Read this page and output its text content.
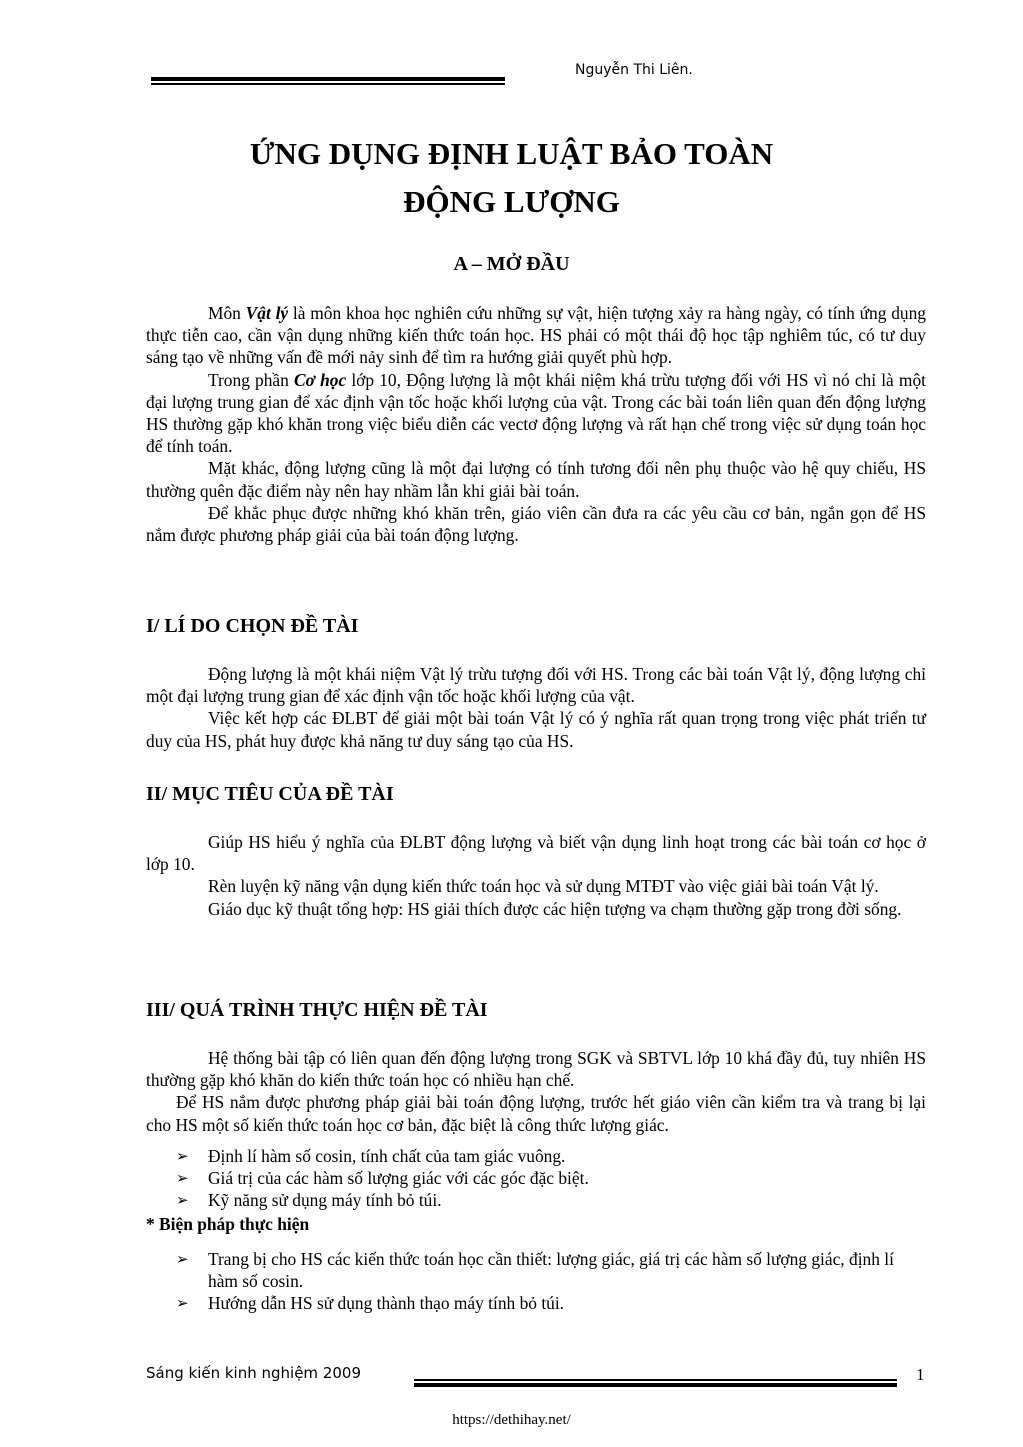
Nguyễn Thi Liên.
ỨNG DỤNG ĐỊNH LUẬT BẢO TOÀN
ĐỘNG LƯỢNG
A – MỞ ĐẦU

Môn Vật lý là môn khoa học nghiên cứu những sự vật, hiện tượng xảy ra hàng ngày, có tính ứng dụng thực tiễn cao, cần vận dụng những kiến thức toán học. HS phải có một thái độ học tập nghiêm túc, có tư duy sáng tạo về những vấn đề mới nảy sinh để tìm ra hướng giải quyết phù hợp.

Trong phần Cơ học lớp 10, Động lượng là một khái niệm khá trừu tượng đối với HS vì nó chỉ là một đại lượng trung gian để xác định vận tốc hoặc khối lượng của vật. Trong các bài toán liên quan đến động lượng HS thường gặp khó khăn trong việc biểu diễn các vectơ động lượng và rất hạn chế trong việc sử dụng toán học để tính toán.

Mặt khác, động lượng cũng là một đại lượng có tính tương đối nên phụ thuộc vào hệ quy chiếu, HS thường quên đặc điểm này nên hay nhầm lẫn khi giải bài toán.

Để khắc phục được những khó khăn trên, giáo viên cần đưa ra các yêu cầu cơ bản, ngắn gọn để HS nắm được phương pháp giải của bài toán động lượng.

I/ LÍ DO CHỌN ĐỀ TÀI

Động lượng là một khái niệm Vật lý trừu tượng đối với HS. Trong các bài toán Vật lý, động lượng chỉ một đại lượng trung gian để xác định vận tốc hoặc khối lượng của vật.

Việc kết hợp các ĐLBT để giải một bài toán Vật lý có ý nghĩa rất quan trọng trong việc phát triển tư duy của HS, phát huy được khả năng tư duy sáng tạo của HS.

II/ MỤC TIÊU CỦA ĐỀ TÀI

Giúp HS hiểu ý nghĩa của ĐLBT động lượng và biết vận dụng linh hoạt trong các bài toán cơ học ở lớp 10.

Rèn luyện kỹ năng vận dụng kiến thức toán học và sử dụng MTĐT vào việc giải bài toán Vật lý.

Giáo dục kỹ thuật tổng hợp: HS giải thích được các hiện tượng va chạm thường gặp trong đời sống.

III/ QUÁ TRÌNH THỰC HIỆN ĐỀ TÀI

Hệ thống bài tập có liên quan đến động lượng trong SGK và SBTVL lớp 10 khá đầy đủ, tuy nhiên HS thường gặp khó khăn do kiến thức toán học có nhiều hạn chế.

Để HS nắm được phương pháp giải bài toán động lượng, trước hết giáo viên cần kiểm tra và trang bị lại cho HS một số kiến thức toán học cơ bản, đặc biệt là công thức lượng giác.

➢ Định lí hàm số cosin, tính chất của tam giác vuông.
➢ Giá trị của các hàm số lượng giác với các góc đặc biệt.
➢ Kỹ năng sử dụng máy tính bỏ túi.
* Biện pháp thực hiện
➢ Trang bị cho HS các kiến thức toán học cần thiết: lượng giác, giá trị các hàm số lượng giác, định lí hàm số cosin.
➢ Hướng dẫn HS sử dụng thành thạo máy tính bỏ túi.
Sáng kiến kinh nghiệm 2009	1
https://dethihay.net/
